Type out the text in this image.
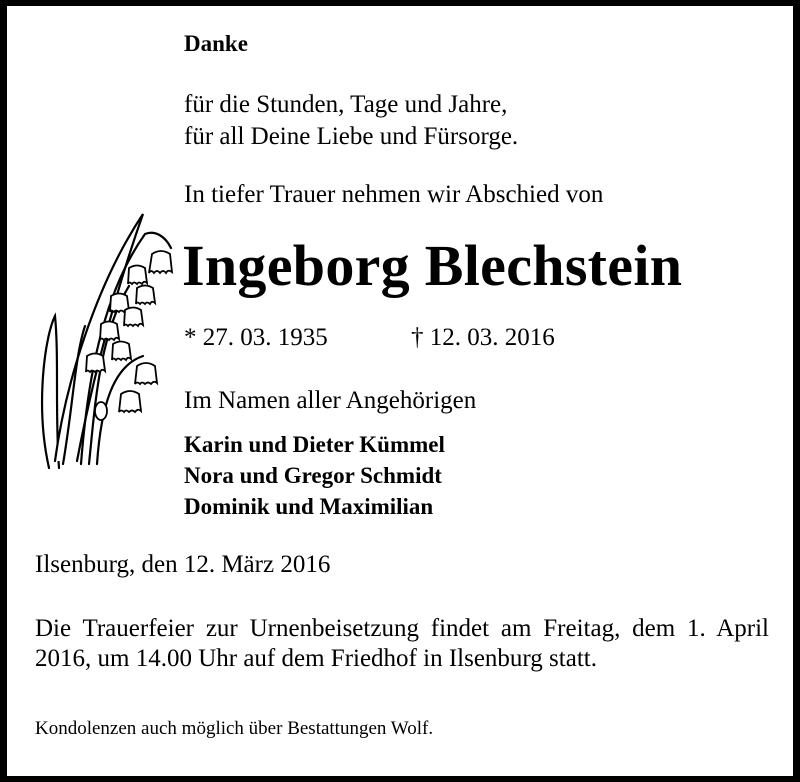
Danke
für die Stunden, Tage und Jahre,
für all Deine Liebe und Fürsorge.
In tiefer Trauer nehmen wir Abschied von
Ingeborg Blechstein
* 27. 03. 1935	† 12. 03. 2016
Im Namen aller Angehörigen
Karin und Dieter Kümmel
Nora und Gregor Schmidt
Dominik und Maximilian
Ilsenburg, den 12. März 2016
Die Trauerfeier zur Urnenbeisetzung findet am Freitag, dem 1. April 2016, um 14.00 Uhr auf dem Friedhof in Ilsenburg statt.
Kondolenzen auch möglich über Bestattungen Wolf.
